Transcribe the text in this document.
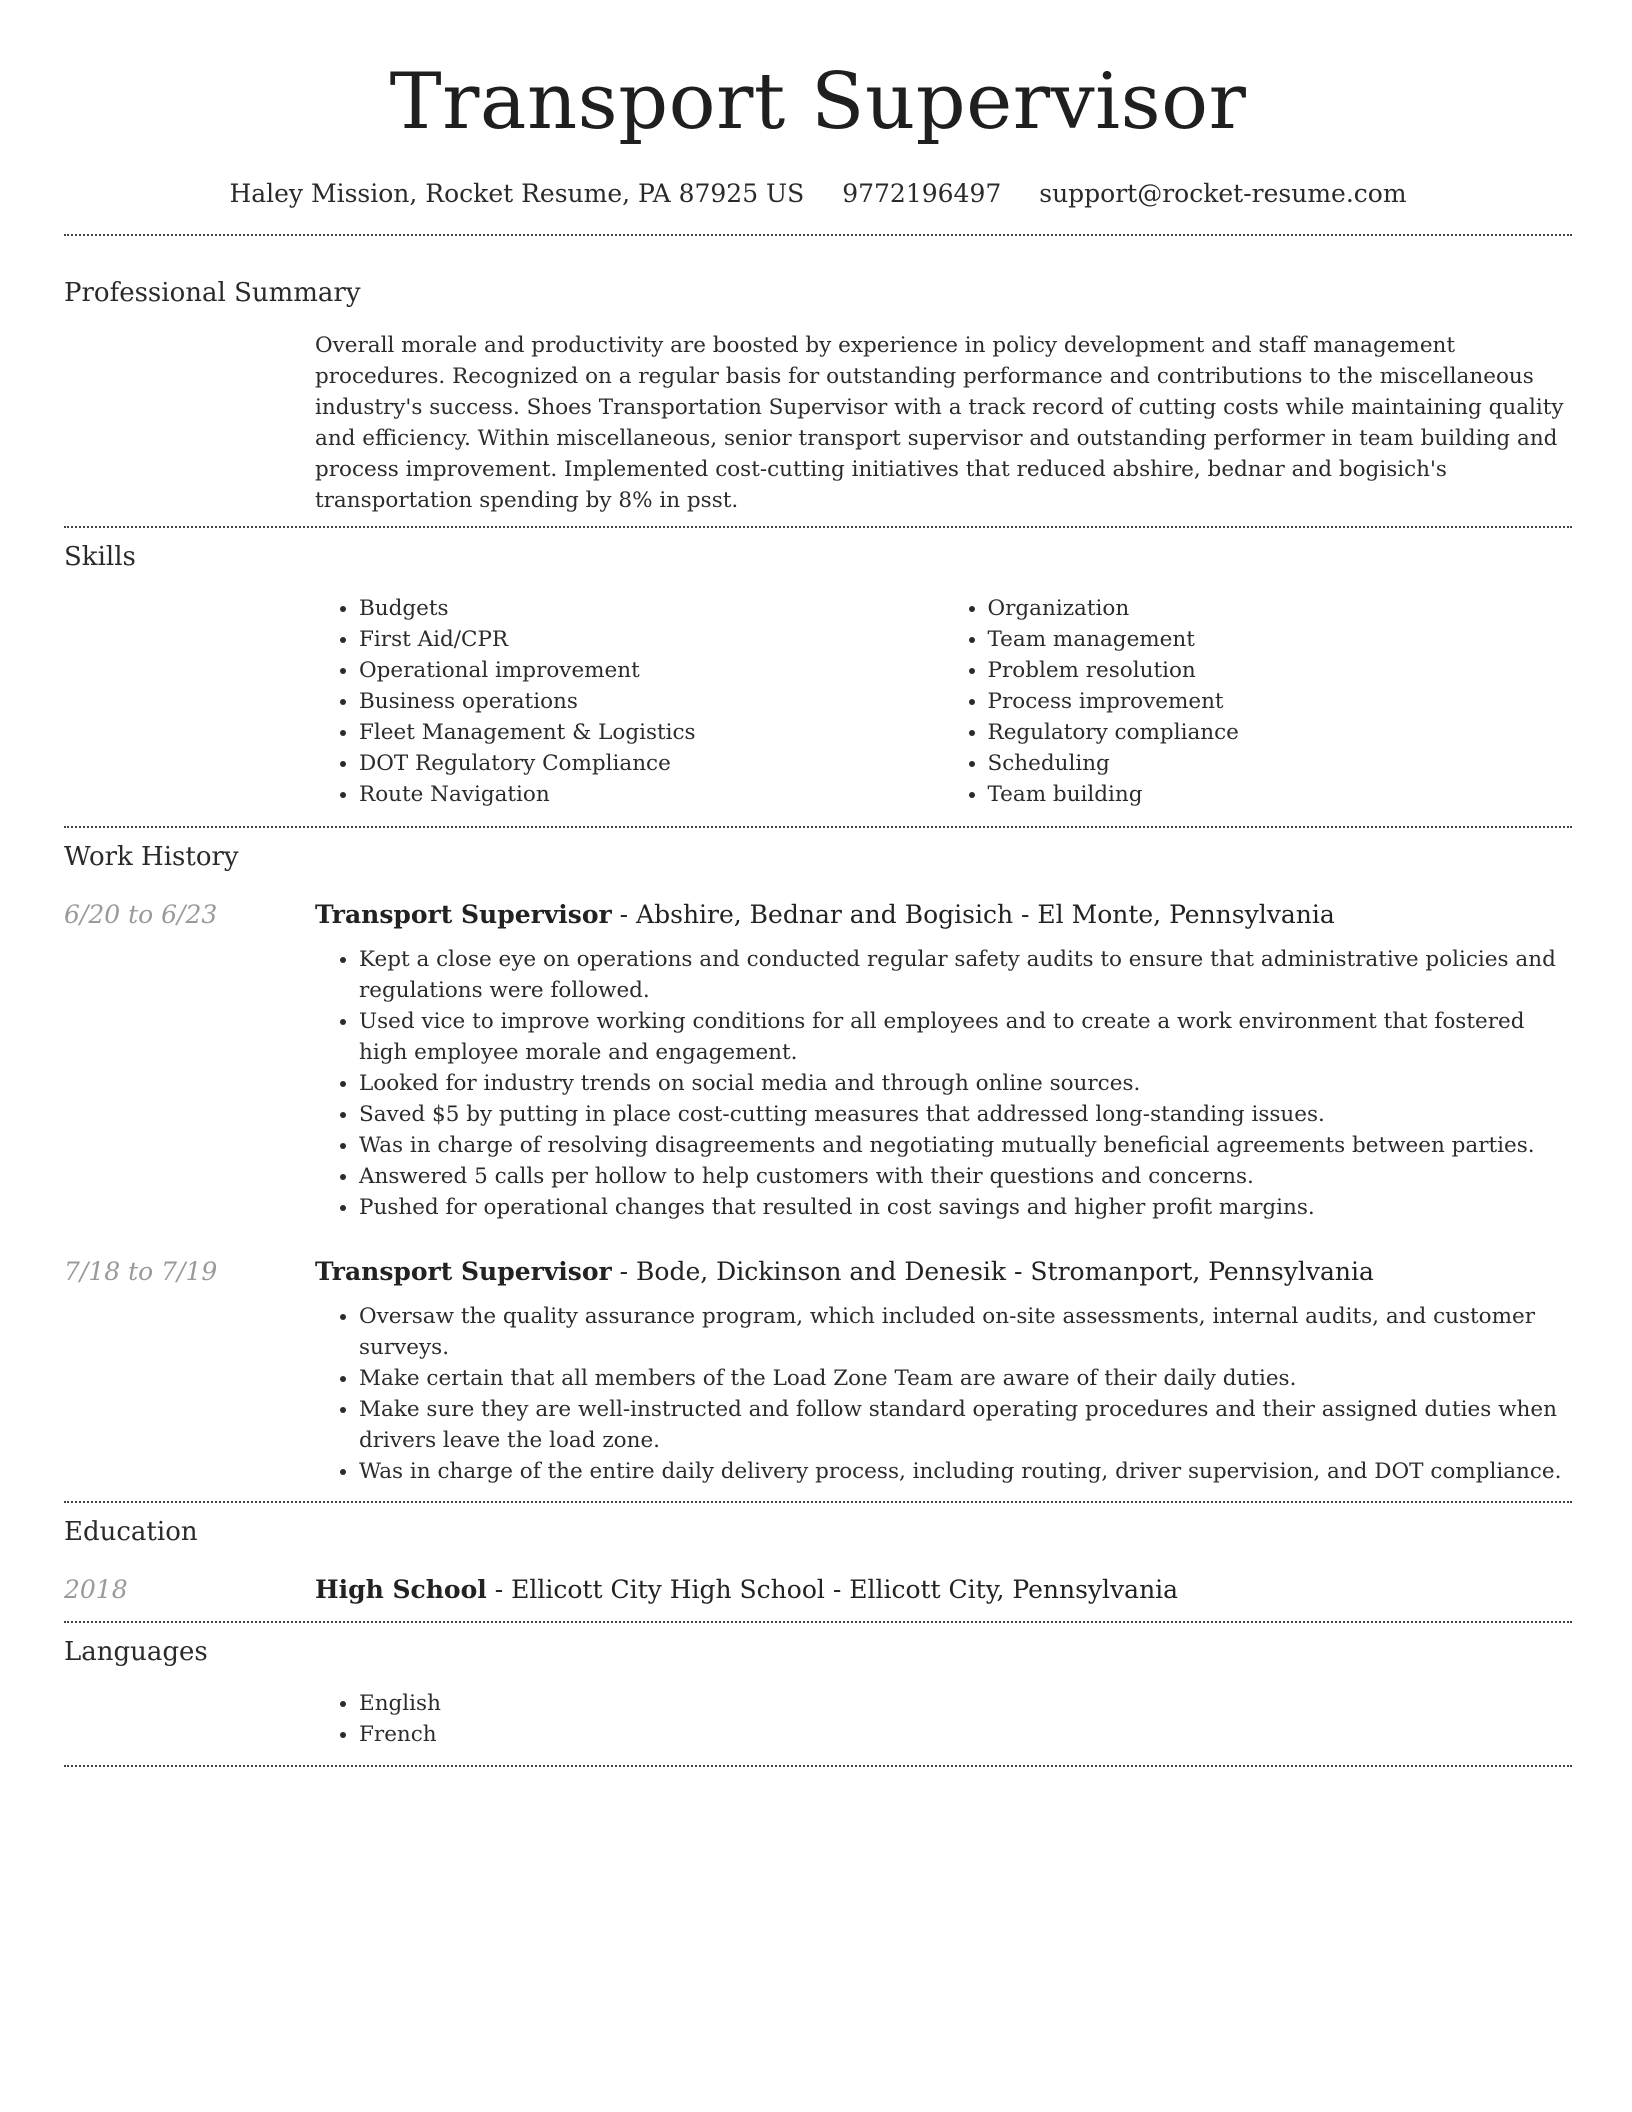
Transport Supervisor
Haley Mission, Rocket Resume, PA 87925 US 9772196497 support@rocket-resume.com
Professional Summary
Overall morale and productivity are boosted by experience in policy development and staff management procedures. Recognized on a regular basis for outstanding performance and contributions to the miscellaneous industry's success. Shoes Transportation Supervisor with a track record of cutting costs while maintaining quality and efficiency. Within miscellaneous, senior transport supervisor and outstanding performer in team building and process improvement. Implemented cost-cutting initiatives that reduced abshire, bednar and bogisich's transportation spending by 8% in psst.
Skills
• Budgets
• First Aid/CPR
• Operational improvement
• Business operations
• Fleet Management & Logistics
• DOT Regulatory Compliance
• Route Navigation
• Organization
• Team management
• Problem resolution
• Process improvement
• Regulatory compliance
• Scheduling
• Team building
Work History
6/20 to 6/23	Transport Supervisor - Abshire, Bednar and Bogisich - El Monte, Pennsylvania
• Kept a close eye on operations and conducted regular safety audits to ensure that administrative policies and regulations were followed.
• Used vice to improve working conditions for all employees and to create a work environment that fostered high employee morale and engagement.
• Looked for industry trends on social media and through online sources.
• Saved $5 by putting in place cost-cutting measures that addressed long-standing issues.
• Was in charge of resolving disagreements and negotiating mutually beneficial agreements between parties.
• Answered 5 calls per hollow to help customers with their questions and concerns.
• Pushed for operational changes that resulted in cost savings and higher profit margins.
7/18 to 7/19	Transport Supervisor - Bode, Dickinson and Denesik - Stromanport, Pennsylvania
• Oversaw the quality assurance program, which included on-site assessments, internal audits, and customer surveys.
• Make certain that all members of the Load Zone Team are aware of their daily duties.
• Make sure they are well-instructed and follow standard operating procedures and their assigned duties when drivers leave the load zone.
• Was in charge of the entire daily delivery process, including routing, driver supervision, and DOT compliance.
Education
2018	High School - Ellicott City High School - Ellicott City, Pennsylvania
Languages
• English
• French
